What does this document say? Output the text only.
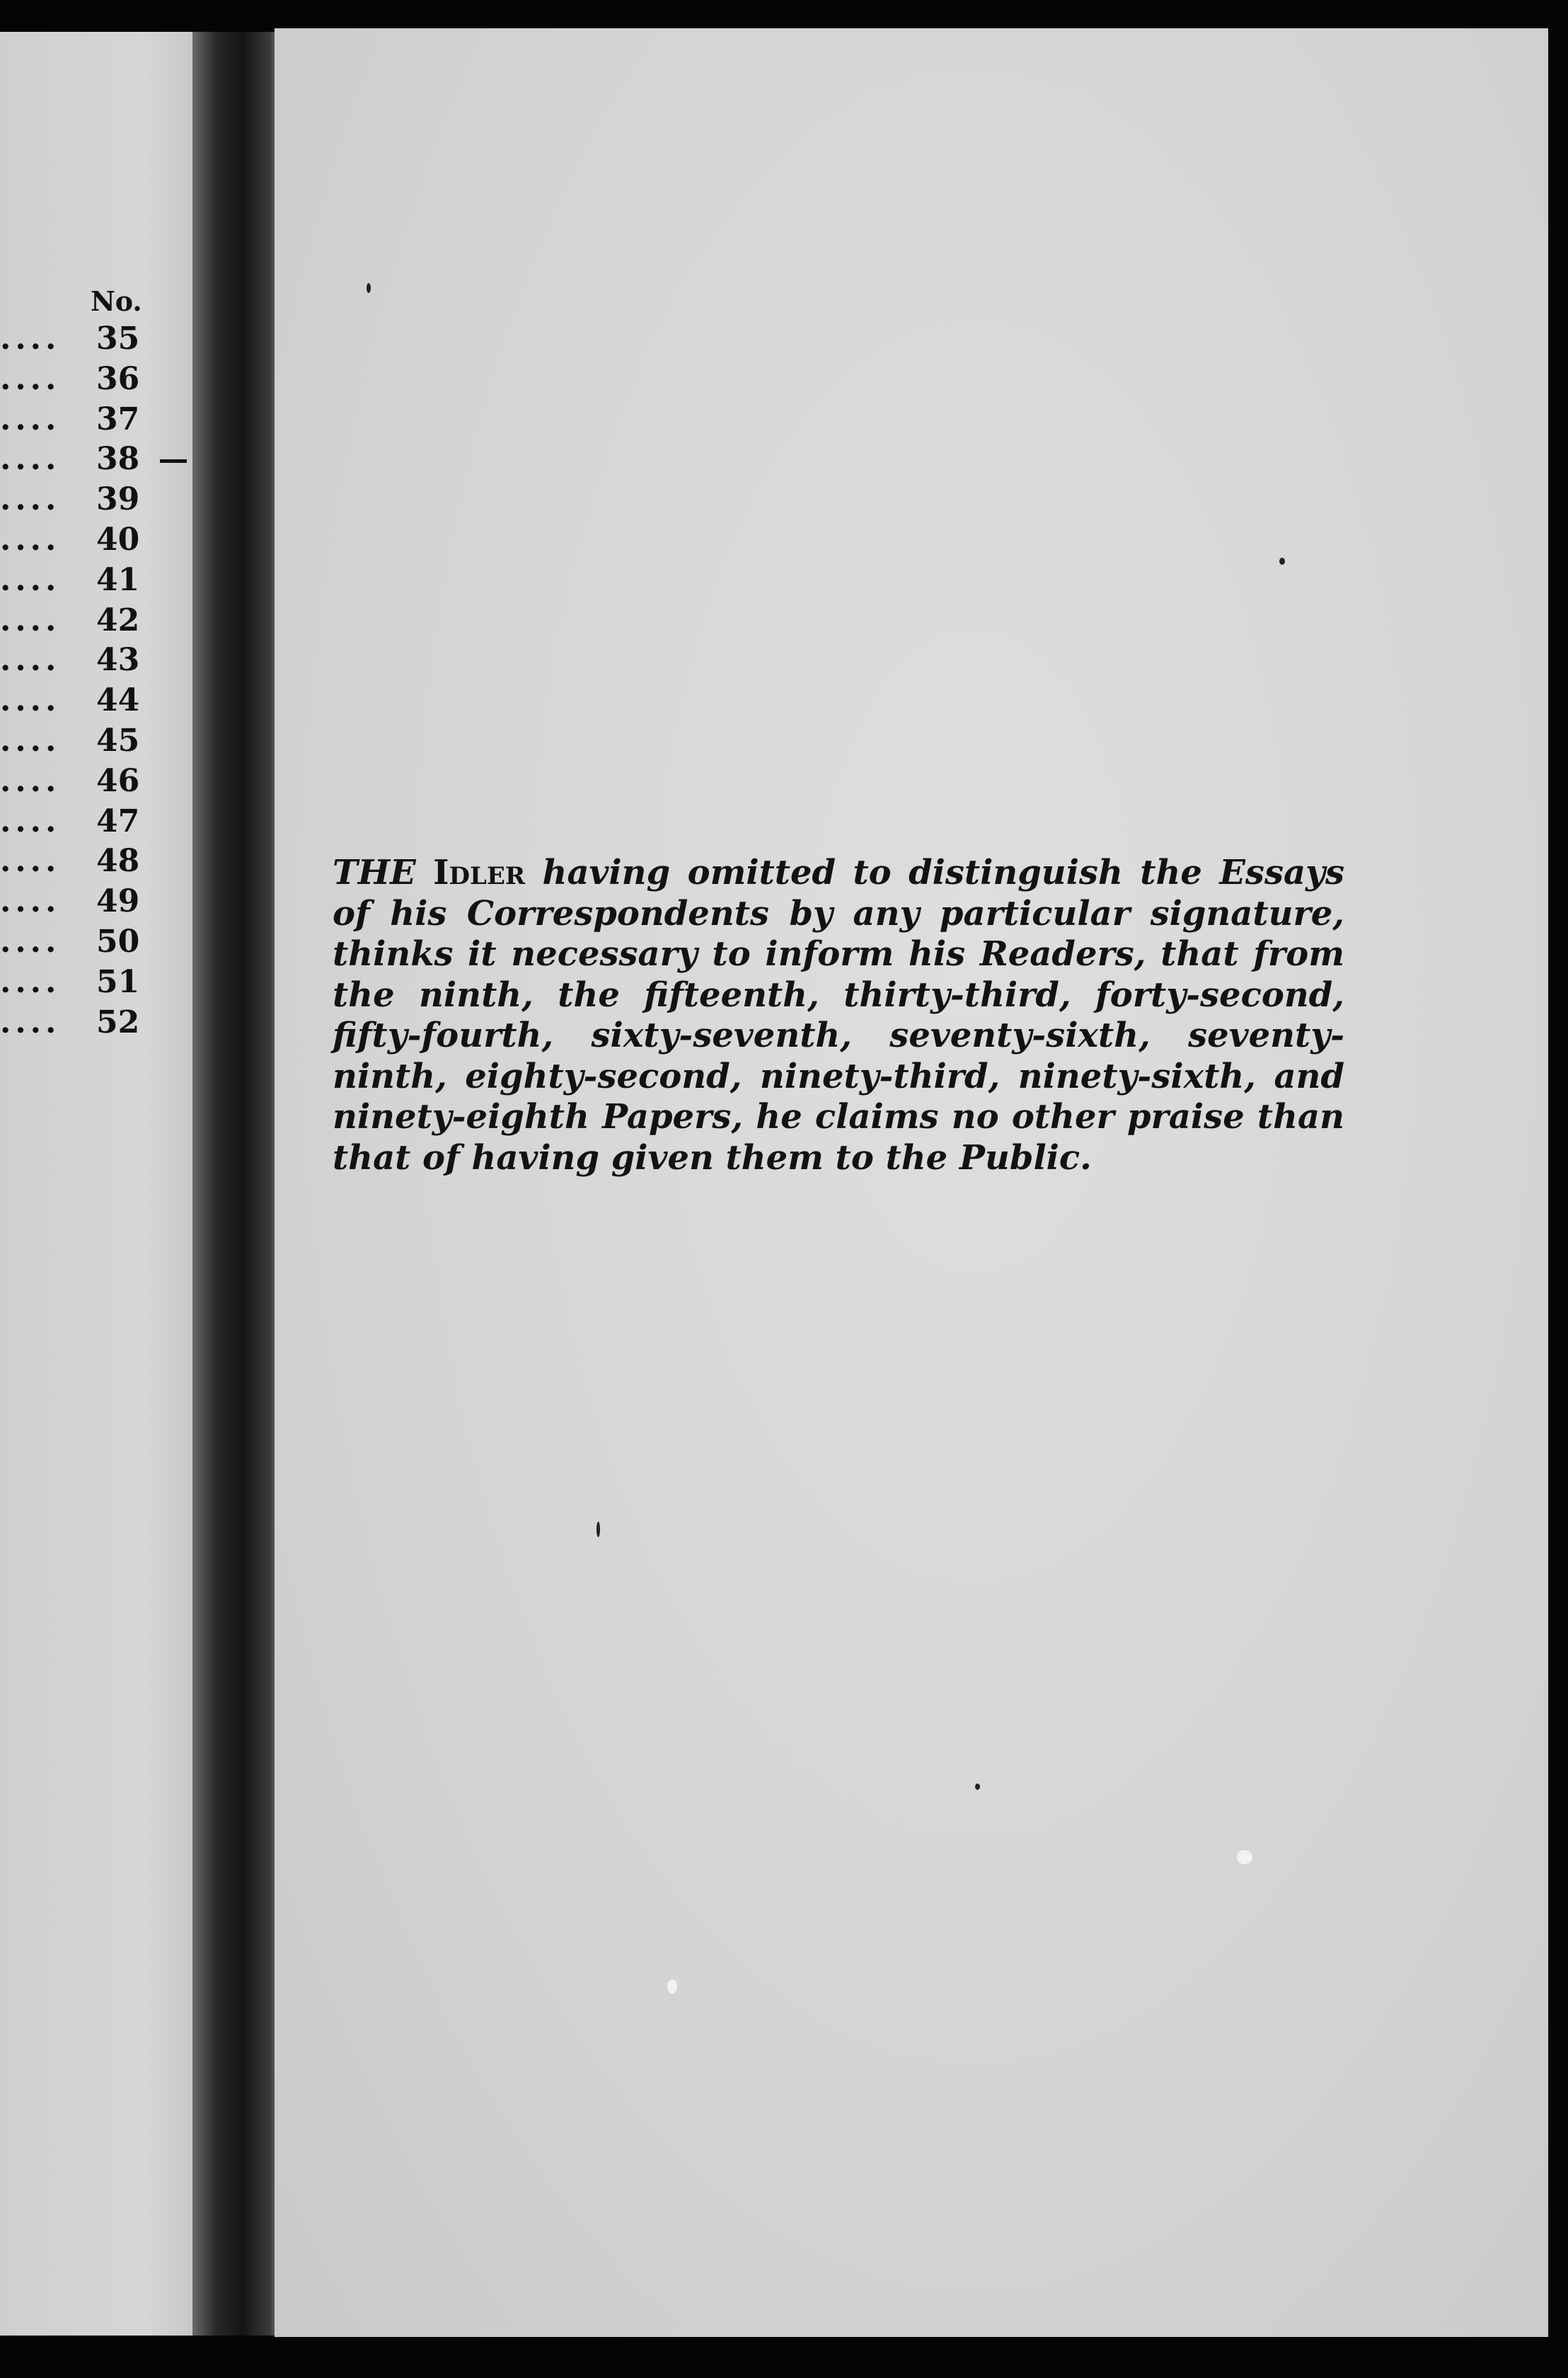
No.
.... 35
.... 36
.... 37
.... 38
.... 39
.... 40
.... 41
.... 42
.... 43
.... 44
.... 45
.... 46
.... 47
.... 48
.... 49
.... 50
.... 51
.... 52

THE Idler having omitted to distinguish the Essays of his Correspondents by any particular signature, thinks it necessary to inform his Readers, that from the ninth, the fifteenth, thirty-third, forty-second, fifty-fourth, sixty-seventh, seventy-sixth, seventy-ninth, eighty-second, ninety-third, ninety-sixth, and ninety-eighth Papers, he claims no other praise than that of having given them to the Public.
